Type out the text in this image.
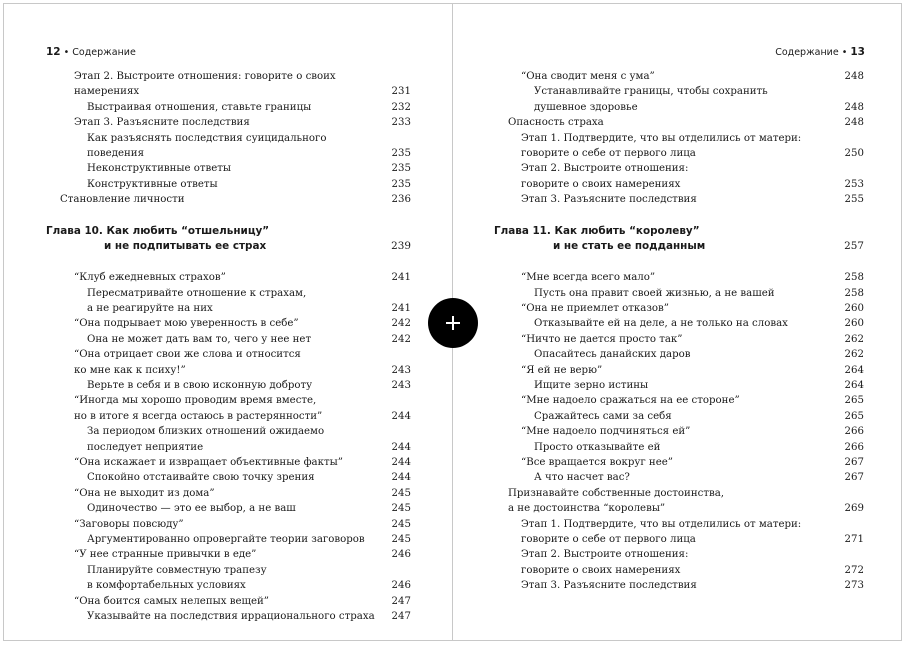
12 • Содержание
Этап 2. Выстроите отношения: говорите о своих
намерениях	231
Выстраивая отношения, ставьте границы	232
Этап 3. Разъясните последствия	233
Как разъяснять последствия суицидального
поведения	235
Неконструктивные ответы	235
Конструктивные ответы	235
Становление личности	236
Глава 10. Как любить “отшельницу”
и не подпитывать ее страх	239
“Клуб ежедневных страхов”	241
Пересматривайте отношение к страхам,
а не реагируйте на них	241
“Она подрывает мою уверенность в себе”	242
Она не может дать вам то, чего у нее нет	242
“Она отрицает свои же слова и относится
ко мне как к психу!”	243
Верьте в себя и в свою исконную доброту	243
“Иногда мы хорошо проводим время вместе,
но в итоге я всегда остаюсь в растерянности”	244
За периодом близких отношений ожидаемо
последует неприятие	244
“Она искажает и извращает объективные факты”	244
Спокойно отстаивайте свою точку зрения	244
“Она не выходит из дома”	245
Одиночество — это ее выбор, а не ваш	245
“Заговоры повсюду”	245
Аргументированно опровергайте теории заговоров	245
“У нее странные привычки в еде”	246
Планируйте совместную трапезу
в комфортабельных условиях	246
“Она боится самых нелепых вещей”	247
Указывайте на последствия иррационального страха	247
Содержание • 13
“Она сводит меня с ума”	248
Устанавливайте границы, чтобы сохранить
душевное здоровье	248
Опасность страха	248
Этап 1. Подтвердите, что вы отделились от матери:
говорите о себе от первого лица	250
Этап 2. Выстроите отношения:
говорите о своих намерениях	253
Этап 3. Разъясните последствия	255
Глава 11. Как любить “королеву”
и не стать ее подданным	257
“Мне всегда всего мало”	258
Пусть она правит своей жизнью, а не вашей	258
“Она не приемлет отказов”	260
Отказывайте ей на деле, а не только на словах	260
“Ничто не дается просто так”	262
Опасайтесь данайских даров	262
“Я ей не верю”	264
Ищите зерно истины	264
“Мне надоело сражаться на ее стороне”	265
Сражайтесь сами за себя	265
“Мне надоело подчиняться ей”	266
Просто отказывайте ей	266
“Все вращается вокруг нее”	267
А что насчет вас?	267
Признавайте собственные достоинства,
а не достоинства “королевы”	269
Этап 1. Подтвердите, что вы отделились от матери:
говорите о себе от первого лица	271
Этап 2. Выстроите отношения:
говорите о своих намерениях	272
Этап 3. Разъясните последствия	273
